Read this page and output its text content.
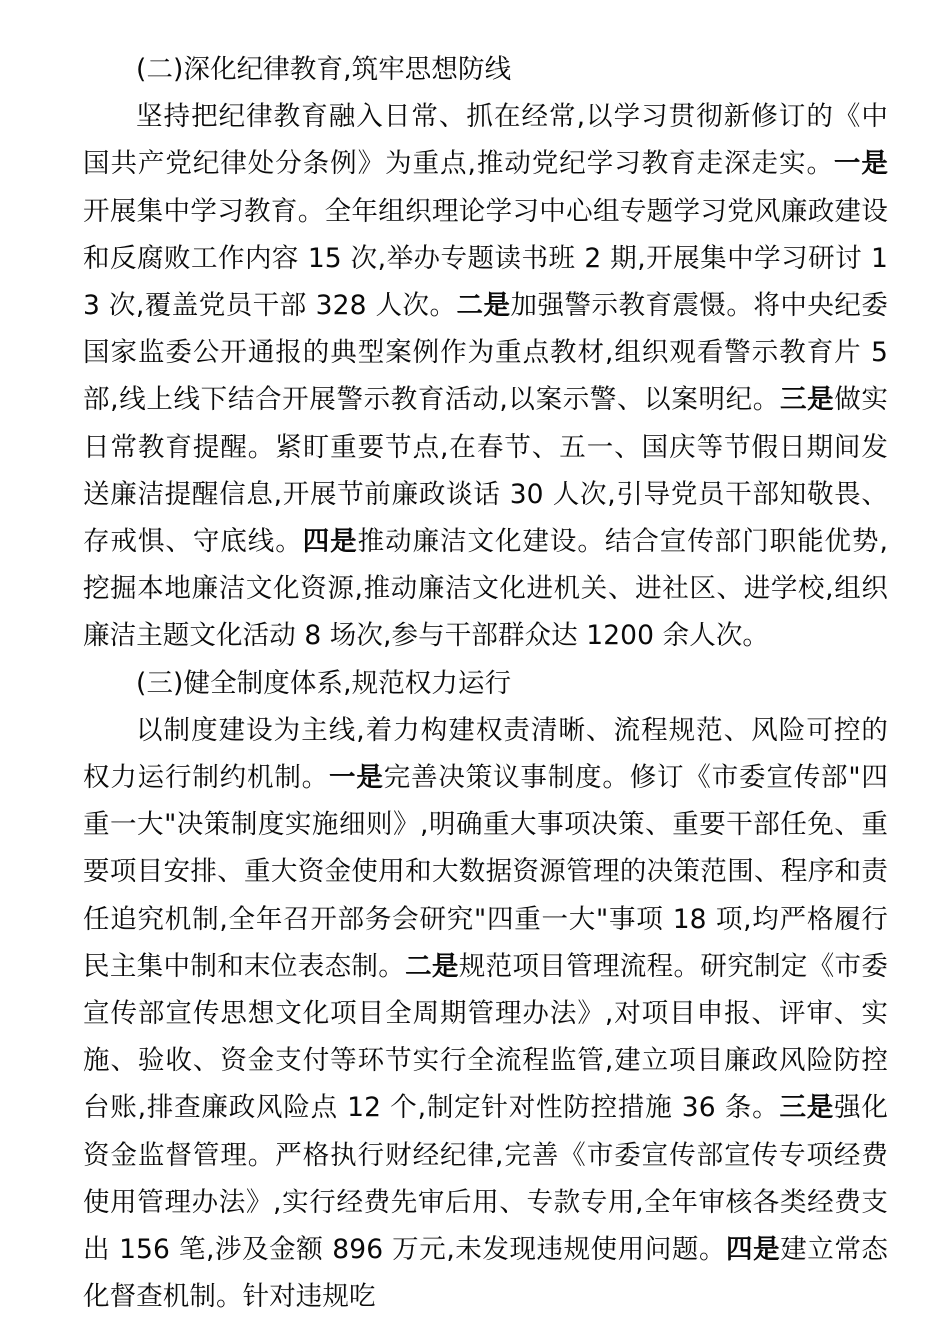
(二)深化纪律教育,筑牢思想防线

坚持把纪律教育融入日常、抓在经常,以学习贯彻新修订的《中国共产党纪律处分条例》为重点,推动党纪学习教育走深走实。一是开展集中学习教育。全年组织理论学习中心组专题学习党风廉政建设和反腐败工作内容 15 次,举办专题读书班 2 期,开展集中学习研讨 13 次,覆盖党员干部 328 人次。二是加强警示教育震慑。将中央纪委国家监委公开通报的典型案例作为重点教材,组织观看警示教育片 5 部,线上线下结合开展警示教育活动,以案示警、以案明纪。三是做实日常教育提醒。紧盯重要节点,在春节、五一、国庆等节假日期间发送廉洁提醒信息,开展节前廉政谈话 30 人次,引导党员干部知敬畏、存戒惧、守底线。四是推动廉洁文化建设。结合宣传部门职能优势,挖掘本地廉洁文化资源,推动廉洁文化进机关、进社区、进学校,组织廉洁主题文化活动 8 场次,参与干部群众达 1200 余人次。

(三)健全制度体系,规范权力运行

以制度建设为主线,着力构建权责清晰、流程规范、风险可控的权力运行制约机制。一是完善决策议事制度。修订《市委宣传部"四重一大"决策制度实施细则》,明确重大事项决策、重要干部任免、重要项目安排、重大资金使用和大数据资源管理的决策范围、程序和责任追究机制,全年召开部务会研究"四重一大"事项 18 项,均严格履行民主集中制和末位表态制。二是规范项目管理流程。研究制定《市委宣传部宣传思想文化项目全周期管理办法》,对项目申报、评审、实施、验收、资金支付等环节实行全流程监管,建立项目廉政风险防控台账,排查廉政风险点 12 个,制定针对性防控措施 36 条。三是强化资金监督管理。严格执行财经纪律,完善《市委宣传部宣传专项经费使用管理办法》,实行经费先审后用、专款专用,全年审核各类经费支出 156 笔,涉及金额 896 万元,未发现违规使用问题。四是建立常态化督查机制。针对违规吃
